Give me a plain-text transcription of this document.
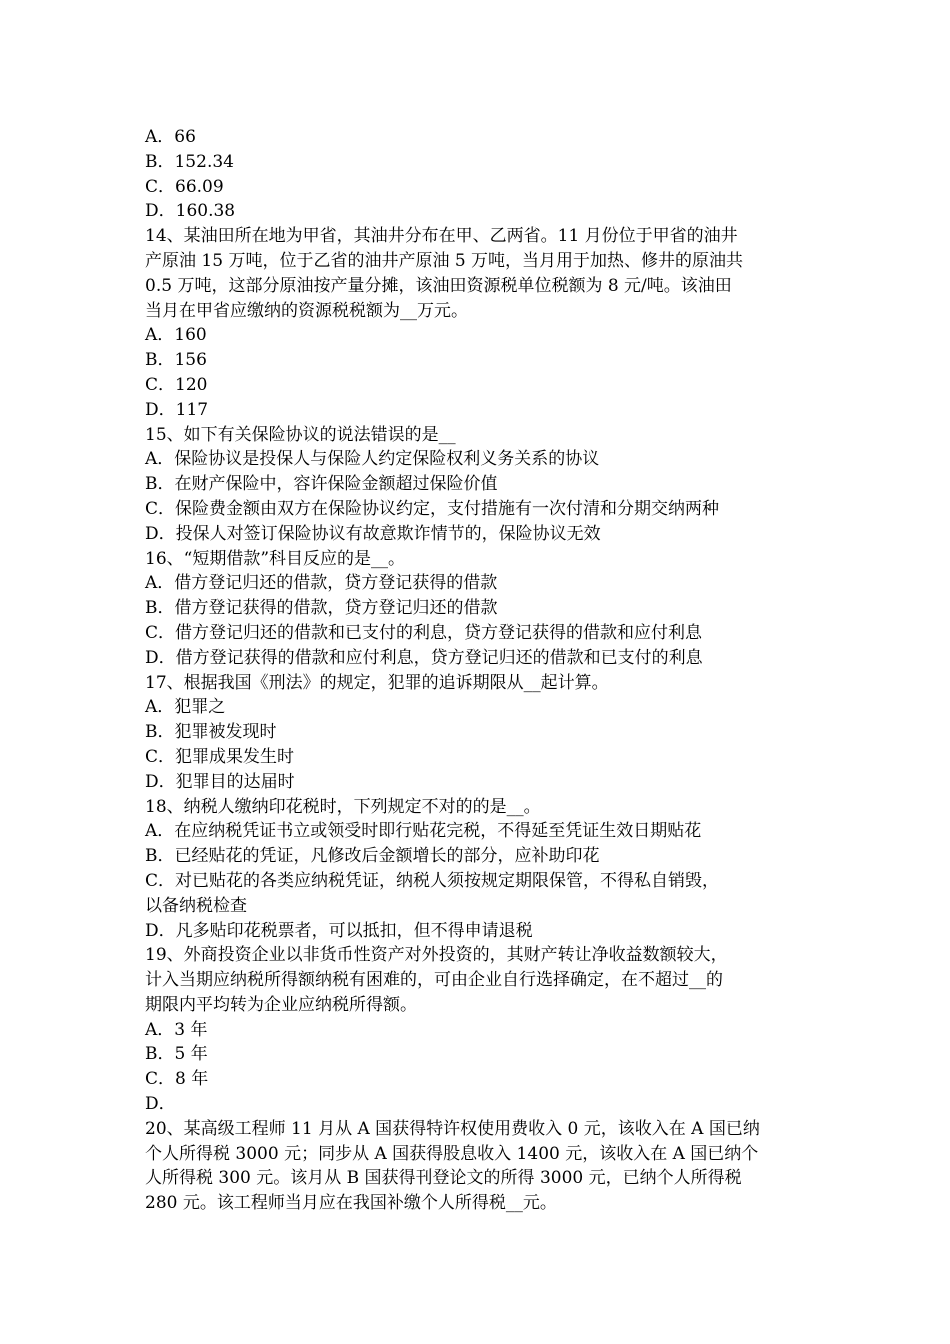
A．66
B．152.34
C．66.09
D．160.38
14、某油田所在地为甲省，其油井分布在甲、乙两省。11 月份位于甲省的油井
产原油 15 万吨，位于乙省的油井产原油 5 万吨，当月用于加热、修井的原油共
0.5 万吨，这部分原油按产量分摊，该油田资源税单位税额为 8 元/吨。该油田
当月在甲省应缴纳的资源税税额为__万元。
A．160
B．156
C．120
D．117
15、如下有关保险协议的说法错误的是__
A．保险协议是投保人与保险人约定保险权利义务关系的协议
B．在财产保险中，容许保险金额超过保险价值
C．保险费金额由双方在保险协议约定，支付措施有一次付清和分期交纳两种
D．投保人对签订保险协议有故意欺诈情节的，保险协议无效
16、“短期借款”科目反应的是__。
A．借方登记归还的借款，贷方登记获得的借款
B．借方登记获得的借款，贷方登记归还的借款
C．借方登记归还的借款和已支付的利息，贷方登记获得的借款和应付利息
D．借方登记获得的借款和应付利息，贷方登记归还的借款和已支付的利息
17、根据我国《刑法》的规定，犯罪的追诉期限从__起计算。
A．犯罪之
B．犯罪被发现时
C．犯罪成果发生时
D．犯罪目的达届时
18、纳税人缴纳印花税时，下列规定不对的的是__。
A．在应纳税凭证书立或领受时即行贴花完税，不得延至凭证生效日期贴花
B．已经贴花的凭证，凡修改后金额增长的部分，应补助印花
C．对已贴花的各类应纳税凭证，纳税人须按规定期限保管，不得私自销毁，
以备纳税检查
D．凡多贴印花税票者，可以抵扣，但不得申请退税
19、外商投资企业以非货币性资产对外投资的，其财产转让净收益数额较大，
计入当期应纳税所得额纳税有困难的，可由企业自行选择确定，在不超过__的
期限内平均转为企业应纳税所得额。
A．3 年
B．5 年
C．8 年
D．
20、某高级工程师 11 月从 A 国获得特许权使用费收入 0 元，该收入在 A 国已纳
个人所得税 3000 元；同步从 A 国获得股息收入 1400 元，该收入在 A 国已纳个
人所得税 300 元。该月从 B 国获得刊登论文的所得 3000 元，已纳个人所得税
280 元。该工程师当月应在我国补缴个人所得税__元。
